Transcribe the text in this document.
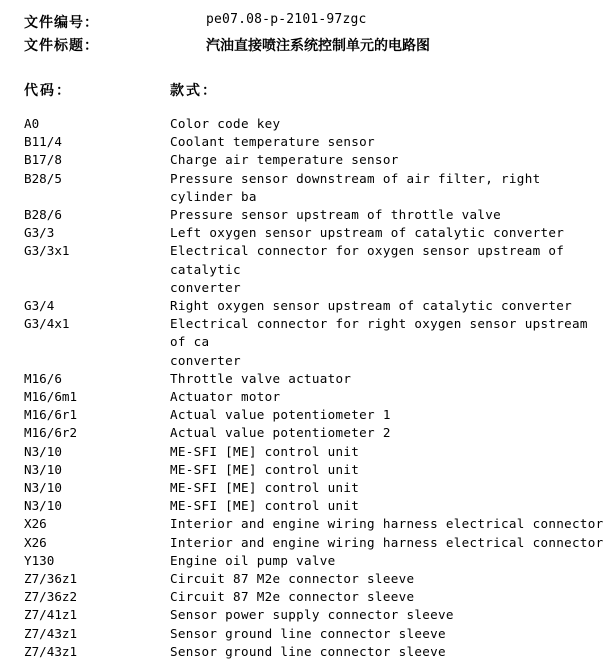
文件编号：	pe07.08-p-2101-97zgc
文件标题：	汽油直接喷注系统控制单元的电路图
代码：	款式：
A0	Color code key
B11/4	Coolant temperature sensor
B17/8	Charge air temperature sensor
B28/5	Pressure sensor downstream of air filter, right cylinder ba
B28/6	Pressure sensor upstream of throttle valve
G3/3	Left oxygen sensor upstream of catalytic converter
G3/3x1	Electrical connector for oxygen sensor upstream of catalytic
converter
G3/4	Right oxygen sensor upstream of catalytic converter
G3/4x1	Electrical connector for right oxygen sensor upstream of ca
converter
M16/6	Throttle valve actuator
M16/6m1	Actuator motor
M16/6r1	Actual value potentiometer 1
M16/6r2	Actual value potentiometer 2
N3/10	ME-SFI [ME] control unit
N3/10	ME-SFI [ME] control unit
N3/10	ME-SFI [ME] control unit
N3/10	ME-SFI [ME] control unit
X26	Interior and engine wiring harness electrical connector
X26	Interior and engine wiring harness electrical connector
Y130	Engine oil pump valve
Z7/36z1	Circuit 87 M2e connector sleeve
Z7/36z2	Circuit 87 M2e connector sleeve
Z7/41z1	Sensor power supply connector sleeve
Z7/43z1	Sensor ground line connector sleeve
Z7/43z1	Sensor ground line connector sleeve
